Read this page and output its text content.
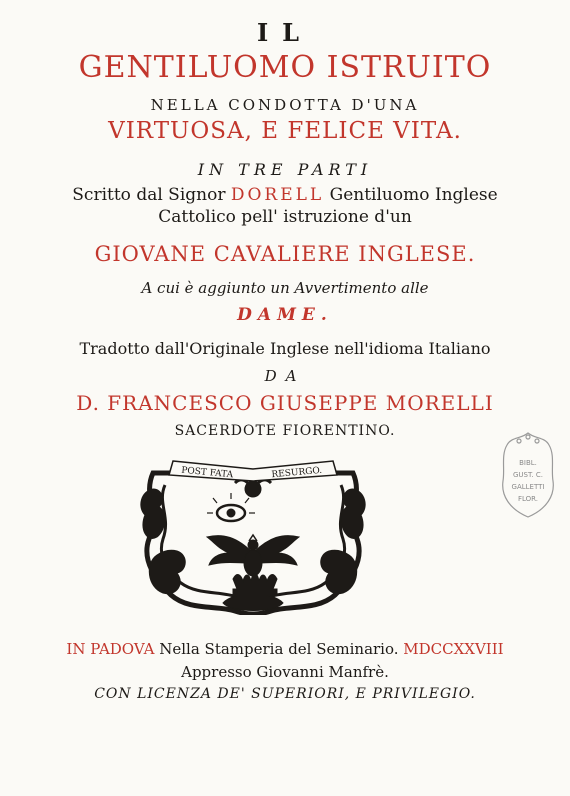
IL
GENTILUOMO ISTRUITO
NELLA CONDOTTA D'UNA
VIRTUOSA, E FELICE VITA.
IN TRE PARTI
Scritto dal Signor DORELL Gentiluomo Inglese
Cattolico pell' istruzione d'un
GIOVANE CAVALIERE INGLESE.
A cui è aggiunto un Avvertimento alle
DAME.
Tradotto dall'Originale Inglese nell'idioma Italiano
DA
D. FRANCESCO GIUSEPPE MORELLI
SACERDOTE FIORENTINO.
POST FATA	RESURGO.
BIBL.
GUST. C.
GALLETTI
FLOR.
IN PADOVA Nella Stamperia del Seminario. MDCCXXVIII
Appresso Giovanni Manfrè.
CON LICENZA DE' SUPERIORI, E PRIVILEGIO.
